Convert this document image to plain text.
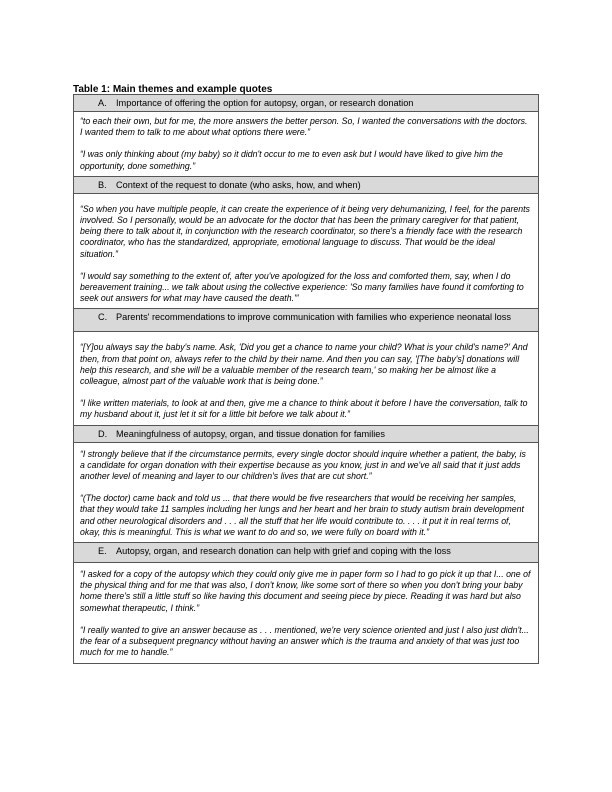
Table 1: Main themes and example quotes
A.	Importance of offering the option for autopsy, organ, or research donation

“to each their own, but for me, the more answers the better person. So, I wanted the conversations with the doctors. I wanted them to talk to me about what options there were.”

“I was only thinking about (my baby) so it didn't occur to me to even ask but I would have liked to give him the opportunity, done something.”

B.	Context of the request to donate (who asks, how, and when)

“So when you have multiple people, it can create the experience of it being very dehumanizing, I feel, for the parents involved. So I personally, would be an advocate for the doctor that has been the primary caregiver for that patient, being there to talk about it, in conjunction with the research coordinator, so there's a friendly face with the research coordinator, who has the standardized, appropriate, emotional language to discuss. That would be the ideal situation.”

“I would say something to the extent of, after you've apologized for the loss and comforted them, say, when I do bereavement training... we talk about using the collective experience: 'So many families have found it comforting to seek out answers for what may have caused the death.'”

C. Parents' recommendations to improve communication with families who experience neonatal loss

“[Y]ou always say the baby's name. Ask, 'Did you get a chance to name your child? What is your child's name?' And then, from that point on, always refer to the child by their name. And then you can say, '[The baby's] donations will help this research, and she will be a valuable member of the research team,' so making her be almost like a colleague, almost part of the valuable work that is being done.”

“I like written materials, to look at and then, give me a chance to think about it before I have the conversation, talk to my husband about it, just let it sit for a little bit before we talk about it.”

D. Meaningfulness of autopsy, organ, and tissue donation for families

“I strongly believe that if the circumstance permits, every single doctor should inquire whether a patient, the baby, is a candidate for organ donation with their expertise because as you know, just in and we've all said that it just adds another level of meaning and layer to our children's lives that are cut short.”

“(The doctor) came back and told us ... that there would be five researchers that would be receiving her samples, that they would take 11 samples including her lungs and her heart and her brain to study autism brain development and other neurological disorders and . . . all the stuff that her life would contribute to. . . . it put it in real terms of, okay, this is meaningful. This is what we want to do and so, we were fully on board with it.”

E.	Autopsy, organ, and research donation can help with grief and coping with the loss

“I asked for a copy of the autopsy which they could only give me in paper form so I had to go pick it up that I... one of the physical thing and for me that was also, I don't know, like some sort of there so when you don't bring your baby home there's still a little stuff so like having this document and seeing piece by piece. Reading it was hard but also somewhat therapeutic, I think.”

“I really wanted to give an answer because as . . . mentioned, we're very science oriented and just I also just didn't... the fear of a subsequent pregnancy without having an answer which is the trauma and anxiety of that was just too much for me to handle.”
